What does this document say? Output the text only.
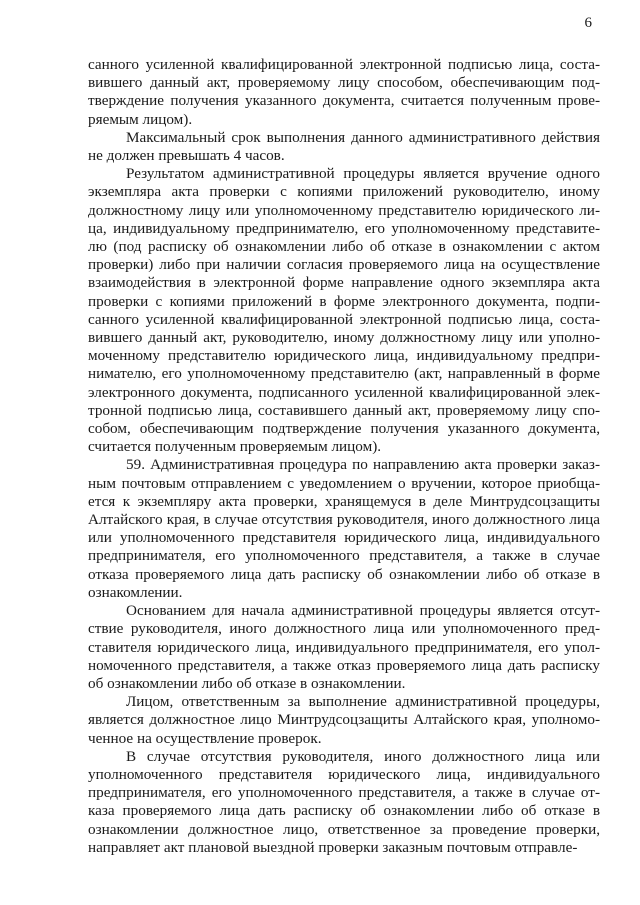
6

санного усиленной квалифицированной электронной подписью лица, составившего данный акт, проверяемому лицу способом, обеспечивающим подтверждение получения указанного документа, считается полученным проверяемым лицом).

Максимальный срок выполнения данного административного действия не должен превышать 4 часов.

Результатом административной процедуры является вручение одного экземпляра акта проверки с копиями приложений руководителю, иному должностному лицу или уполномоченному представителю юридического лица, индивидуальному предпринимателю, его уполномоченному представителю (под расписку об ознакомлении либо об отказе в ознакомлении с актом проверки) либо при наличии согласия проверяемого лица на осуществление взаимодействия в электронной форме направление одного экземпляра акта проверки с копиями приложений в форме электронного документа, подписанного усиленной квалифицированной электронной подписью лица, составившего данный акт, руководителю, иному должностному лицу или уполномоченному представителю юридического лица, индивидуальному предпринимателю, его уполномоченному представителю (акт, направленный в форме электронного документа, подписанного усиленной квалифицированной электронной подписью лица, составившего данный акт, проверяемому лицу способом, обеспечивающим подтверждение получения указанного документа, считается полученным проверяемым лицом).

59. Административная процедура по направлению акта проверки заказным почтовым отправлением с уведомлением о вручении, которое приобщается к экземпляру акта проверки, хранящемуся в деле Минтрудсоцзащиты Алтайского края, в случае отсутствия руководителя, иного должностного лица или уполномоченного представителя юридического лица, индивидуального предпринимателя, его уполномоченного представителя, а также в случае отказа проверяемого лица дать расписку об ознакомлении либо об отказе в ознакомлении.

Основанием для начала административной процедуры является отсутствие руководителя, иного должностного лица или уполномоченного представителя юридического лица, индивидуального предпринимателя, его уполномоченного представителя, а также отказ проверяемого лица дать расписку об ознакомлении либо об отказе в ознакомлении.

Лицом, ответственным за выполнение административной процедуры, является должностное лицо Минтрудсоцзащиты Алтайского края, уполномоченное на осуществление проверок.

В случае отсутствия руководителя, иного должностного лица или уполномоченного представителя юридического лица, индивидуального предпринимателя, его уполномоченного представителя, а также в случае отказа проверяемого лица дать расписку об ознакомлении либо об отказе в ознакомлении должностное лицо, ответственное за проведение проверки, направляет акт плановой выездной проверки заказным почтовым отправле-
